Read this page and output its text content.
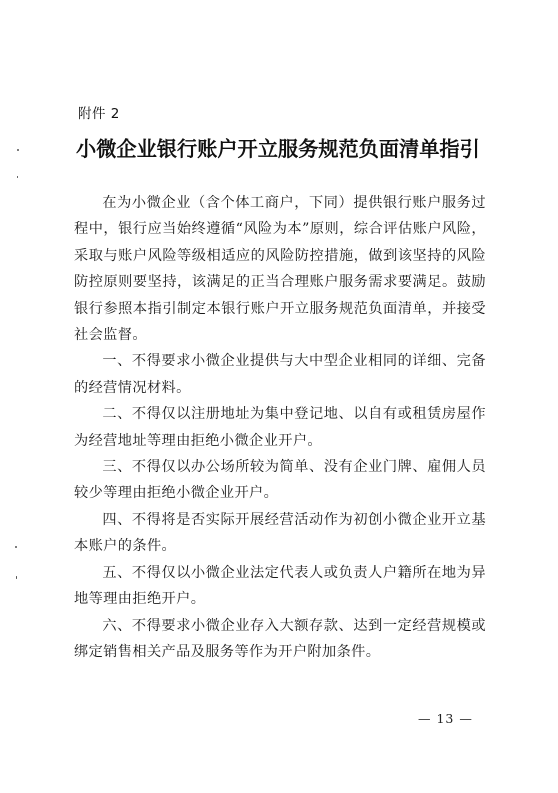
附件 2
小微企业银行账户开立服务规范负面清单指引

在为小微企业（含个体工商户，下同）提供银行账户服务过程中，银行应当始终遵循“风险为本”原则，综合评估账户风险，采取与账户风险等级相适应的风险防控措施，做到该坚持的风险防控原则要坚持，该满足的正当合理账户服务需求要满足。鼓励银行参照本指引制定本银行账户开立服务规范负面清单，并接受社会监督。

一、不得要求小微企业提供与大中型企业相同的详细、完备的经营情况材料。

二、不得仅以注册地址为集中登记地、以自有或租赁房屋作为经营地址等理由拒绝小微企业开户。

三、不得仅以办公场所较为简单、没有企业门牌、雇佣人员较少等理由拒绝小微企业开户。

四、不得将是否实际开展经营活动作为初创小微企业开立基本账户的条件。

五、不得仅以小微企业法定代表人或负责人户籍所在地为异地等理由拒绝开户。

六、不得要求小微企业存入大额存款、达到一定经营规模或绑定销售相关产品及服务等作为开户附加条件。

— 13 —
